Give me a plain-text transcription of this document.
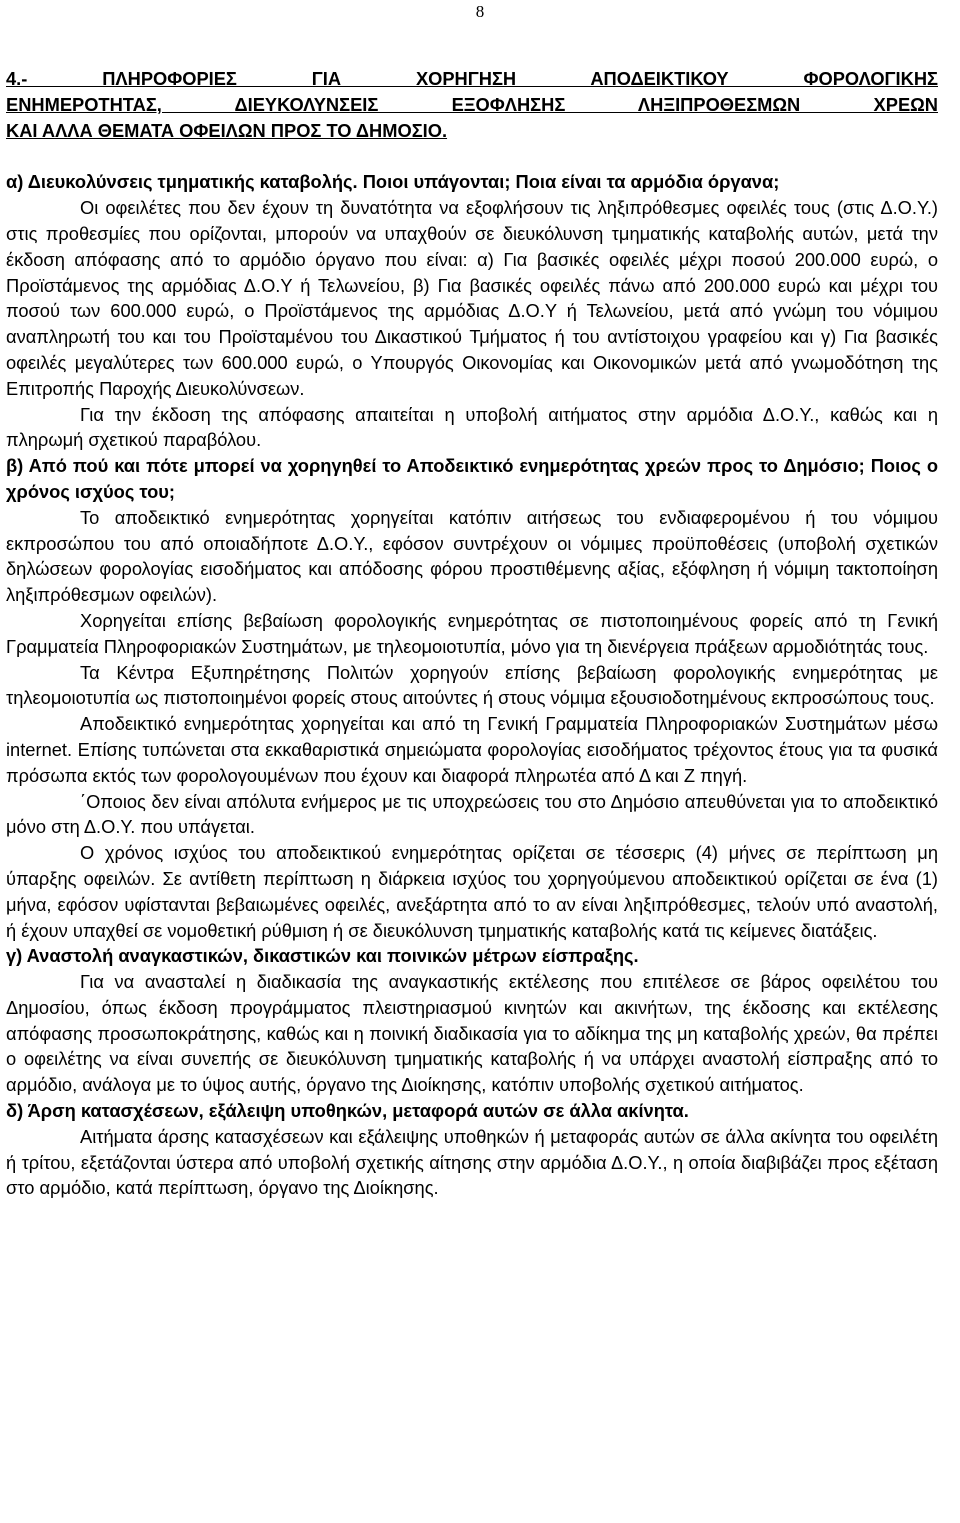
8
4.- ΠΛΗΡΟΦΟΡΙΕΣ ΓΙΑ ΧΟΡΗΓΗΣΗ ΑΠΟΔΕΙΚΤΙΚΟΥ ΦΟΡΟΛΟΓΙΚΗΣ
ΕΝΗΜΕΡΟΤΗΤΑΣ, ΔΙΕΥΚΟΛΥΝΣΕΙΣ ΕΞΟΦΛΗΣΗΣ ΛΗΞΙΠΡΟΘΕΣΜΩΝ ΧΡΕΩΝ
ΚΑΙ ΑΛΛΑ ΘΕΜΑΤΑ ΟΦΕΙΛΩΝ ΠΡΟΣ ΤΟ ΔΗΜΟΣΙΟ.

α) Διευκολύνσεις τμηματικής καταβολής. Ποιοι υπάγονται; Ποια είναι τα αρμόδια όργανα;

Οι οφειλέτες που δεν έχουν τη δυνατότητα να εξοφλήσουν τις ληξιπρόθεσμες οφειλές τους (στις Δ.Ο.Υ.) στις προθεσμίες που ορίζονται, μπορούν να υπαχθούν σε διευκόλυνση τμηματικής καταβολής αυτών, μετά την έκδοση απόφασης από το αρμόδιο όργανο που είναι: α) Για βασικές οφειλές μέχρι ποσού 200.000 ευρώ, ο Προϊστάμενος της αρμόδιας Δ.Ο.Υ ή Τελωνείου, β) Για βασικές οφειλές πάνω από 200.000 ευρώ και μέχρι του ποσού των 600.000 ευρώ, ο Προϊστάμενος της αρμόδιας Δ.Ο.Υ ή Τελωνείου, μετά από γνώμη του νόμιμου αναπληρωτή του και του Προϊσταμένου του Δικαστικού Τμήματος ή του αντίστοιχου γραφείου και γ) Για βασικές οφειλές μεγαλύτερες των 600.000 ευρώ, ο Υπουργός Οικονομίας και Οικονομικών μετά από γνωμοδότηση της Επιτροπής Παροχής Διευκολύνσεων.

Για την έκδοση της απόφασης απαιτείται η υποβολή αιτήματος στην αρμόδια Δ.Ο.Υ., καθώς και η πληρωμή σχετικού παραβόλου.

β) Από πού και πότε μπορεί να χορηγηθεί το Αποδεικτικό ενημερότητας χρεών προς το Δημόσιο; Ποιος ο χρόνος ισχύος του;

Το αποδεικτικό ενημερότητας χορηγείται κατόπιν αιτήσεως του ενδιαφερομένου ή του νόμιμου εκπροσώπου του από οποιαδήποτε Δ.Ο.Υ., εφόσον συντρέχουν οι νόμιμες προϋποθέσεις (υποβολή σχετικών δηλώσεων φορολογίας εισοδήματος και απόδοσης φόρου προστιθέμενης αξίας, εξόφληση ή νόμιμη τακτοποίηση ληξιπρόθεσμων οφειλών).

Χορηγείται επίσης βεβαίωση φορολογικής ενημερότητας σε πιστοποιημένους φορείς από τη Γενική Γραμματεία Πληροφοριακών Συστημάτων, με τηλεομοιοτυπία, μόνο για τη διενέργεια πράξεων αρμοδιότητάς τους.

Τα Κέντρα Εξυπηρέτησης Πολιτών χορηγούν επίσης βεβαίωση φορολογικής ενημερότητας με τηλεομοιοτυπία ως πιστοποιημένοι φορείς στους αιτούντες ή στους νόμιμα εξουσιοδοτημένους εκπροσώπους τους.

Αποδεικτικό ενημερότητας χορηγείται και από τη Γενική Γραμματεία Πληροφοριακών Συστημάτων μέσω internet. Επίσης τυπώνεται στα εκκαθαριστικά σημειώματα φορολογίας εισοδήματος τρέχοντος έτους για τα φυσικά πρόσωπα εκτός των φορολογουμένων που έχουν και διαφορά πληρωτέα από Δ και Ζ πηγή.

΄Οποιος δεν είναι απόλυτα ενήμερος με τις υποχρεώσεις του στο Δημόσιο απευθύνεται για το αποδεικτικό μόνο στη Δ.Ο.Υ. που υπάγεται.

Ο χρόνος ισχύος του αποδεικτικού ενημερότητας ορίζεται σε τέσσερις (4) μήνες σε περίπτωση μη ύπαρξης οφειλών. Σε αντίθετη περίπτωση η διάρκεια ισχύος του χορηγούμενου αποδεικτικού ορίζεται σε ένα (1) μήνα, εφόσον υφίστανται βεβαιωμένες οφειλές, ανεξάρτητα από το αν είναι ληξιπρόθεσμες, τελούν υπό αναστολή, ή έχουν υπαχθεί σε νομοθετική ρύθμιση ή σε διευκόλυνση τμηματικής καταβολής κατά τις κείμενες διατάξεις.

γ) Αναστολή αναγκαστικών, δικαστικών και ποινικών μέτρων είσπραξης.

Για να ανασταλεί η διαδικασία της αναγκαστικής εκτέλεσης που επιτέλεσε σε βάρος οφειλέτου του Δημοσίου, όπως έκδοση προγράμματος πλειστηριασμού κινητών και ακινήτων, της έκδοσης και εκτέλεσης απόφασης προσωποκράτησης, καθώς και η ποινική διαδικασία για το αδίκημα της μη καταβολής χρεών, θα πρέπει ο οφειλέτης να είναι συνεπής σε διευκόλυνση τμηματικής καταβολής ή να υπάρχει αναστολή είσπραξης από το αρμόδιο, ανάλογα με το ύψος αυτής, όργανο της Διοίκησης, κατόπιν υποβολής σχετικού αιτήματος.

δ) Άρση κατασχέσεων, εξάλειψη υποθηκών, μεταφορά αυτών σε άλλα ακίνητα.

Αιτήματα άρσης κατασχέσεων και εξάλειψης υποθηκών ή μεταφοράς αυτών σε άλλα ακίνητα του οφειλέτη ή τρίτου, εξετάζονται ύστερα από υποβολή σχετικής αίτησης στην αρμόδια Δ.Ο.Υ., η οποία διαβιβάζει προς εξέταση στο αρμόδιο, κατά περίπτωση, όργανο της Διοίκησης.
